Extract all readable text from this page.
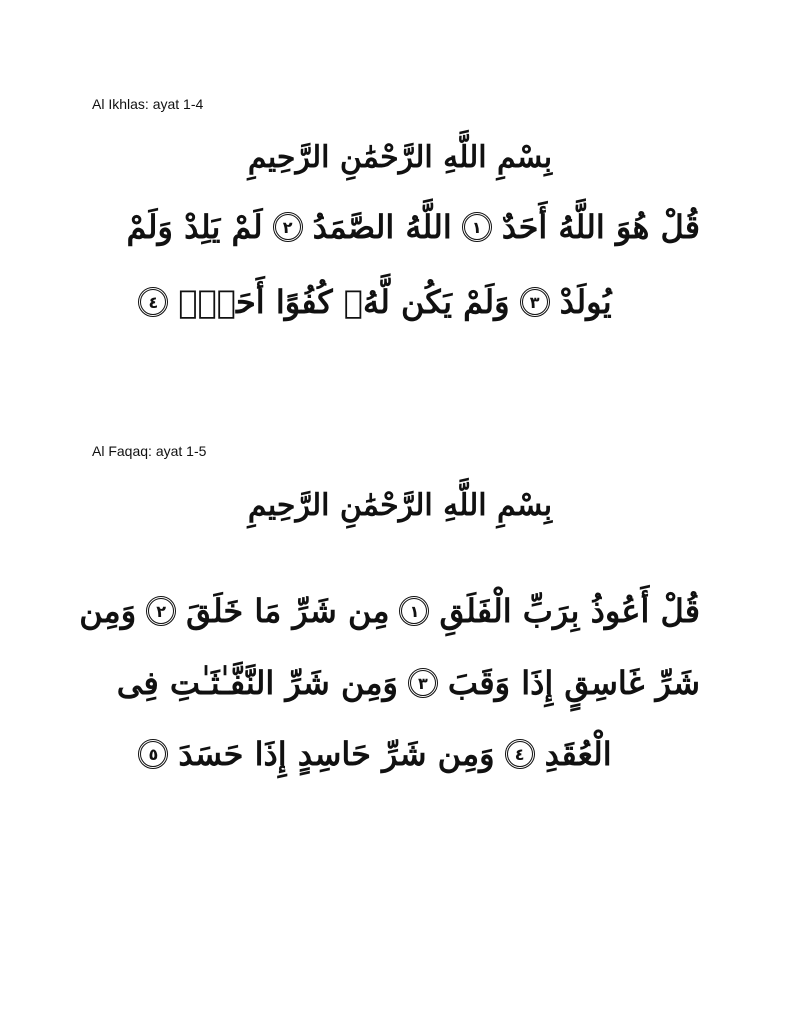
Al Ikhlas: ayat 1-4
بِسْمِ اللَّهِ الرَّحْمَٰنِ الرَّحِيمِ
قُلْ هُوَ اللَّهُ أَحَدٌ
١
اللَّهُ الصَّمَدُ
٢
لَمْ يَلِدْ وَلَمْ
يُولَدْ
٣
وَلَمْ يَكُن لَّهُۥ كُفُوًا أَحَدٌۢ
٤
Al Faqaq: ayat 1-5
بِسْمِ اللَّهِ الرَّحْمَٰنِ الرَّحِيمِ
قُلْ أَعُوذُ بِرَبِّ الْفَلَقِ
١
مِن شَرِّ مَا خَلَقَ
٢
وَمِن
شَرِّ غَاسِقٍ إِذَا وَقَبَ
٣
وَمِن شَرِّ النَّفَّـٰثَـٰتِ فِى
الْعُقَدِ
٤
وَمِن شَرِّ حَاسِدٍ إِذَا حَسَدَ
٥
